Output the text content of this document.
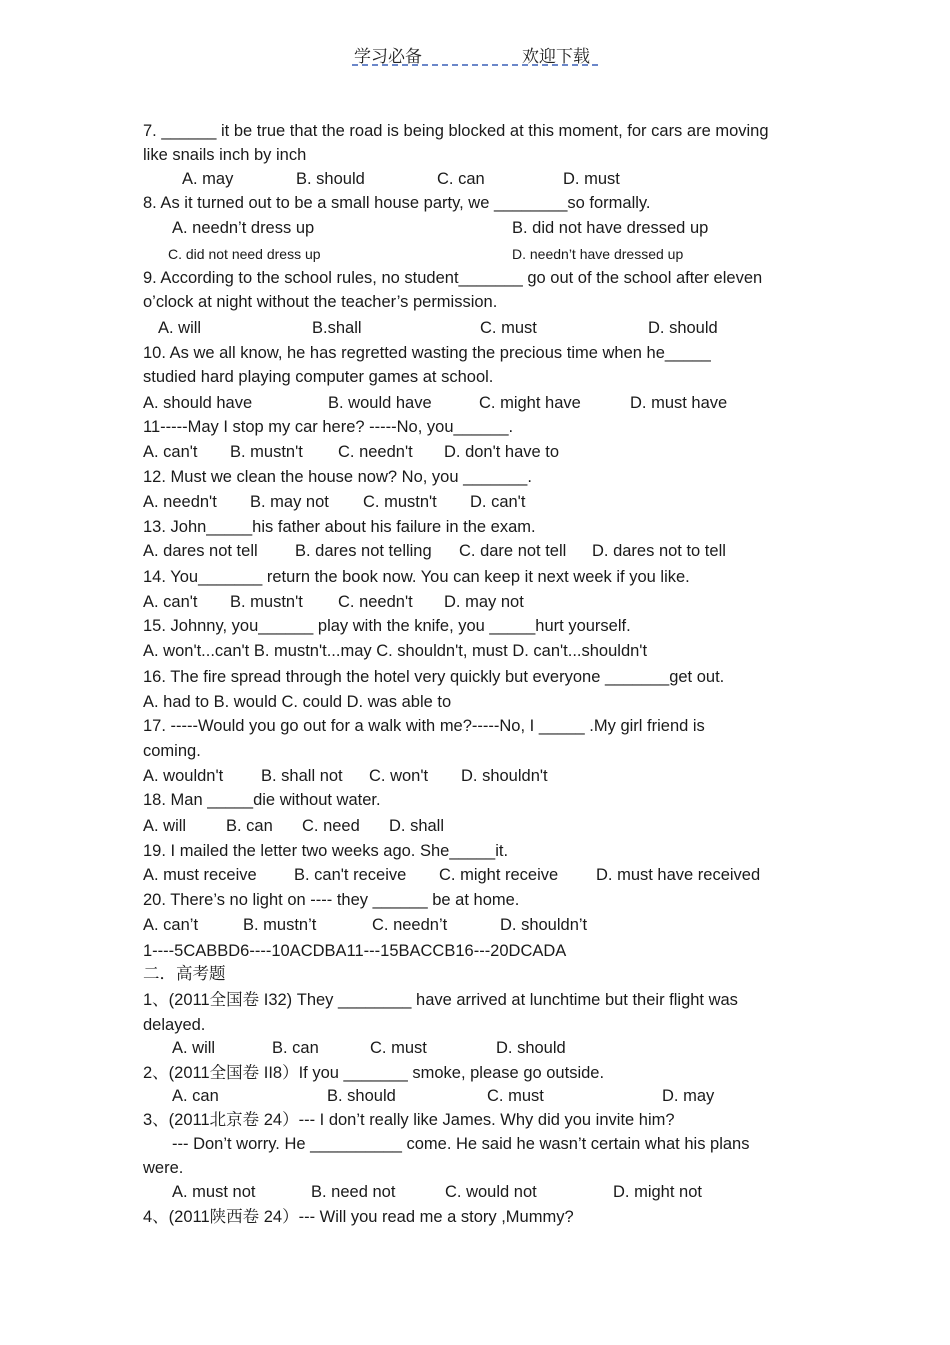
学习必备	欢迎下载
7. ______ it be true that the road is being blocked at this moment, for cars are moving
like snails inch by inch
A. may	B. should	C. can	D. must
8. As it turned out to be a small house party, we ________so formally.
A. needn’t dress up	B. did not have dressed up
C. did not need dress up	D. needn’t have dressed up
9. According to the school rules, no student_______ go out of the school after eleven
o’clock at night without the teacher’s permission.
A. will	B.shall	C. must	D. should
10. As we all know, he has regretted wasting the precious time when he_____
studied hard playing computer games at school.
A. should have	B. would have	C. might have	D. must have
11-----May I stop my car here? -----No, you______.
A. can't B. mustn't C. needn't D. don't have to
12. Must we clean the house now? No, you _______.
A. needn't B. may not C. mustn't D. can't
13. John_____his father about his failure in the exam.
A. dares not tell B. dares not telling C. dare not tell D. dares not to tell
14. You_______ return the book now. You can keep it next week if you like.
A. can't B. mustn't C. needn't D. may not
15. Johnny, you______ play with the knife, you _____hurt yourself.
A. won't...can't B. mustn't...may C. shouldn't, must D. can't...shouldn't
16. The fire spread through the hotel very quickly but everyone _______get out.
A. had to B. would C. could D. was able to
17. -----Would you go out for a walk with me?-----No, I _____ .My girl friend is
coming.
A. wouldn't B. shall not C. won't D. shouldn't
18. Man _____die without water.
A. will B. can C. need D. shall
19. I mailed the letter two weeks ago. She_____it.
A. must receive B. can't receive C. might receive D. must have received
20. There’s no light on ---- they ______ be at home.
A. can’t	B. mustn’t	C. needn’t	D. shouldn’t
1----5CABBD6----10ACDBA11---15BACCB16---20DCADA
二．高考题
1、(2011全国卷 I32) They ________ have arrived at lunchtime but their flight was
delayed.
A. will	B. can	C. must	D. should
2、(2011全国卷 II8）If you _______ smoke, please go outside.
A. can	B. should	C. must	D. may
3、(2011北京卷 24）--- I don’t really like James. Why did you invite him?
--- Don’t worry. He __________ come. He said he wasn’t certain what his plans
were.
A. must not	B. need not	C. would not	D. might not
4、(2011陕西卷 24）--- Will you read me a story ,Mummy?
